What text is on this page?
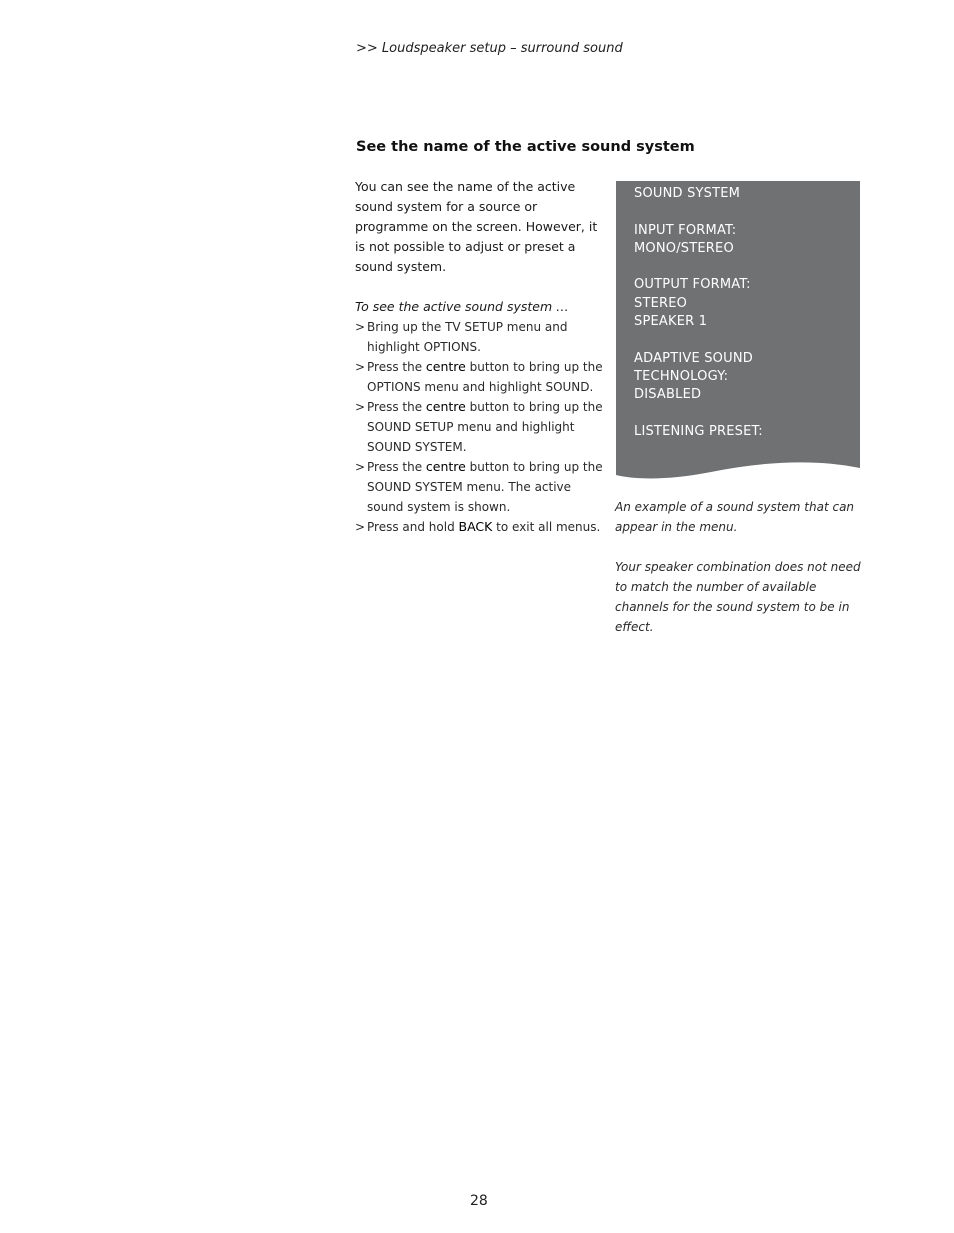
>> Loudspeaker setup – surround sound
See the name of the active sound system

You can see the name of the active sound system for a source or programme on the screen. However, it is not possible to adjust or preset a sound system.

To see the active sound system …

> Bring up the TV SETUP menu and highlight OPTIONS.
> Press the centre button to bring up the OPTIONS menu and highlight SOUND.
> Press the centre button to bring up the SOUND SETUP menu and highlight SOUND SYSTEM.
> Press the centre button to bring up the SOUND SYSTEM menu. The active sound system is shown.
> Press and hold BACK to exit all menus.
SOUND SYSTEM
INPUT FORMAT:
MONO/STEREO
OUTPUT FORMAT:
STEREO
SPEAKER 1
ADAPTIVE SOUND
TECHNOLOGY:
DISABLED
LISTENING PRESET:

An example of a sound system that can appear in the menu.

Your speaker combination does not need to match the number of available channels for the sound system to be in effect.

28
